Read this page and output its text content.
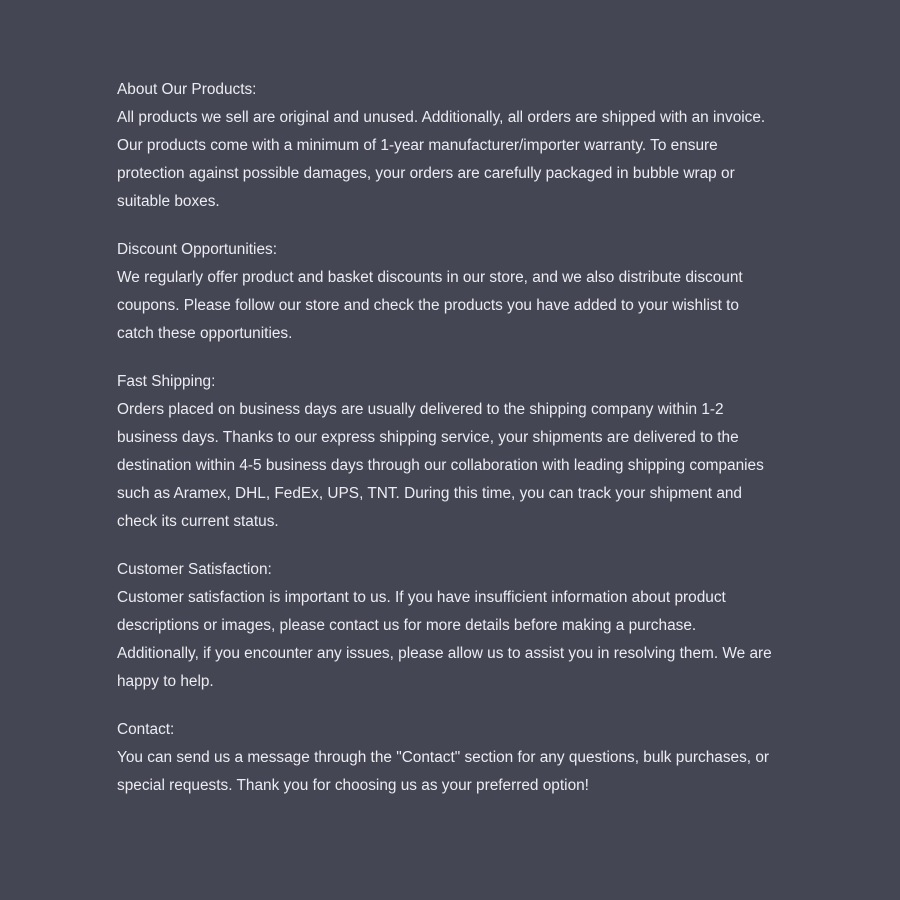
About Our Products:

All products we sell are original and unused. Additionally, all orders are shipped with an invoice. Our products come with a minimum of 1-year manufacturer/importer warranty. To ensure protection against possible damages, your orders are carefully packaged in bubble wrap or suitable boxes.

Discount Opportunities:

We regularly offer product and basket discounts in our store, and we also distribute discount coupons. Please follow our store and check the products you have added to your wishlist to catch these opportunities.

Fast Shipping:

Orders placed on business days are usually delivered to the shipping company within 1-2 business days. Thanks to our express shipping service, your shipments are delivered to the destination within 4-5 business days through our collaboration with leading shipping companies such as Aramex, DHL, FedEx, UPS, TNT. During this time, you can track your shipment and check its current status.

Customer Satisfaction:

Customer satisfaction is important to us. If you have insufficient information about product descriptions or images, please contact us for more details before making a purchase. Additionally, if you encounter any issues, please allow us to assist you in resolving them. We are happy to help.

Contact:

You can send us a message through the "Contact" section for any questions, bulk purchases, or special requests. Thank you for choosing us as your preferred option!
